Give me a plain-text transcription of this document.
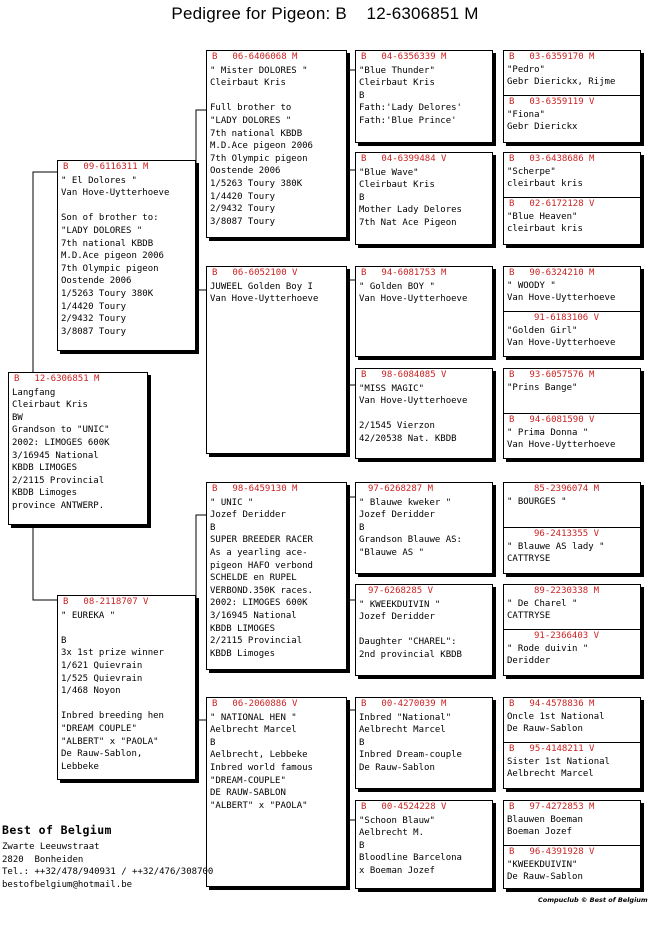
Pedigree for Pigeon: B    12-6306851 M
B 12-6306851 M
Langfang
Cleirbaut Kris
BW
Grandson to "UNIC"
2002: LIMOGES 600K
3/16945 National
KBDB LIMOGES
2/2115 Provincial
KBDB Limoges
province ANTWERP.
B 09-6116311 M
" El Dolores "
Van Hove-Uytterhoeve
Son of brother to:
"LADY DOLORES "
7th national KBDB
M.D.Ace pigeon 2006
7th Olympic pigeon
Oostende 2006
1/5263 Toury 380K
1/4420 Toury
2/9432 Toury
3/8087 Toury
B 08-2118707 V
" EUREKA "
B
3x 1st prize winner
1/621 Quievrain
1/525 Quievrain
1/468 Noyon
Inbred breeding hen
"DREAM COUPLE"
"ALBERT" x "PAOLA"
De Rauw-Sablon,
Lebbeke
B 06-6406068 M
" Mister DOLORES "
Cleirbaut Kris
Full brother to
"LADY DOLORES "
7th national KBDB
M.D.Ace pigeon 2006
7th Olympic pigeon
Oostende 2006
1/5263 Toury 380K
1/4420 Toury
2/9432 Toury
3/8087 Toury
B 06-6052100 V
JUWEEL Golden Boy I
Van Hove-Uytterhoeve
B 98-6459130 M
" UNIC "
Jozef Deridder
B
SUPER BREEDER RACER
As a yearling ace-
pigeon HAFO verbond
SCHELDE en RUPEL
VERBOND.350K races.
2002: LIMOGES 600K
3/16945 National
KBDB LIMOGES
2/2115 Provincial
KBDB Limoges
B 06-2060886 V
" NATIONAL HEN "
Aelbrecht Marcel
B
Aelbrecht, Lebbeke
Inbred world famous
"DREAM-COUPLE"
DE RAUW-SABLON
"ALBERT" x "PAOLA"
B 04-6356339 M
"Blue Thunder"
Cleirbaut Kris
B
Fath:'Lady Delores'
Fath:'Blue Prince'
B 04-6399484 V
"Blue Wave"
Cleirbaut Kris
B
Mother Lady Delores
7th Nat Ace Pigeon
B 94-6081753 M
" Golden BOY "
Van Hove-Uytterhoeve
B 98-6084085 V
"MISS MAGIC"
Van Hove-Uytterhoeve
2/1545 Vierzon
42/20538 Nat. KBDB
97-6268287 M
" Blauwe kweker "
Jozef Deridder
B
Grandson Blauwe AS:
"Blauwe AS "
97-6268285 V
" KWEEKDUIVIN "
Jozef Deridder
Daughter "CHAREL":
2nd provincial KBDB
B 00-4270039 M
Inbred "National"
Aelbrecht Marcel
B
Inbred Dream-couple
De Rauw-Sablon
B 00-4524228 V
"Schoon Blauw"
Aelbrecht M.
B
Bloodline Barcelona
x Boeman Jozef
B 03-6359170 M
"Pedro"
Gebr Dierickx, Rijme
B 03-6359119 V
"Fiona"
Gebr Dierickx
B 03-6438686 M
"Scherpe"
cleirbaut kris
B 02-6172128 V
"Blue Heaven"
cleirbaut kris
B 90-6324210 M
" WOODY "
Van Hove-Uytterhoeve
91-6183106 V
"Golden Girl"
Van Hove-Uytterhoeve
B 93-6057576 M
"Prins Bange"
B 94-6081590 V
" Prima Donna "
Van Hove-Uytterhoeve
85-2396074 M
" BOURGES "
96-2413355 V
" Blauwe AS lady "
CATTRYSE
89-2230338 M
" De Charel "
CATTRYSE
91-2366403 V
" Rode duivin "
Deridder
B 94-4578836 M
Oncle 1st National
De Rauw-Sablon
B 95-4148211 V
Sister 1st National
Aelbrecht Marcel
B 97-4272853 M
Blauwen Boeman
Boeman Jozef
B 96-4391928 V
"KWEEKDUIVIN"
De Rauw-Sablon
Best of Belgium
Zwarte Leeuwstraat
2820  Bonheiden
Tel.: ++32/478/940931 / ++32/476/308700
bestofbelgium@hotmail.be
Compuclub © Best of Belgium
